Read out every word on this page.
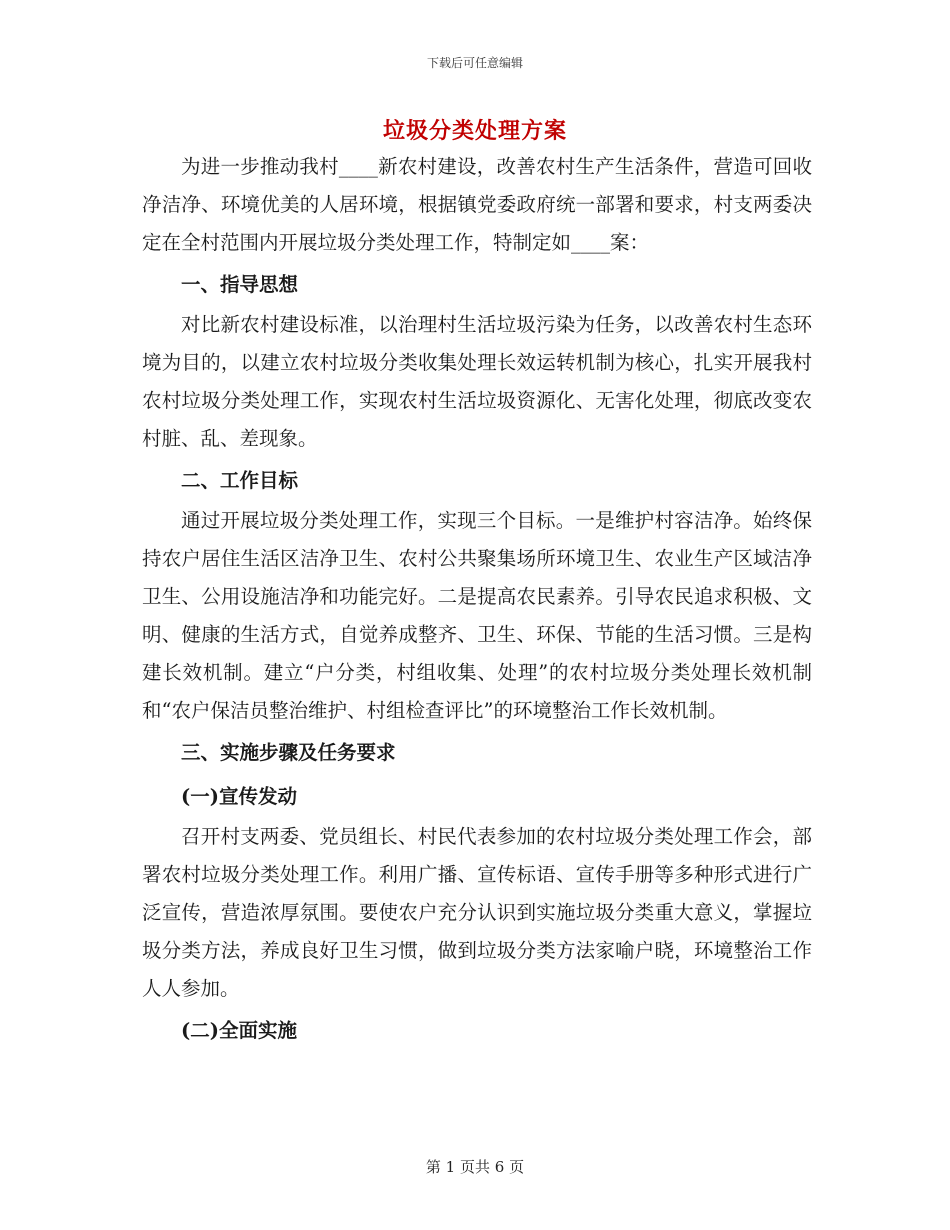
下载后可任意编辑
垃圾分类处理方案

为进一步推动我村____新农村建设，改善农村生产生活条件，营造可回收净洁净、环境优美的人居环境，根据镇党委政府统一部署和要求，村支两委决定在全村范围内开展垃圾分类处理工作，特制定如____案：

一、指导思想

对比新农村建设标准，以治理村生活垃圾污染为任务，以改善农村生态环境为目的，以建立农村垃圾分类收集处理长效运转机制为核心，扎实开展我村农村垃圾分类处理工作，实现农村生活垃圾资源化、无害化处理，彻底改变农村脏、乱、差现象。

二、工作目标

通过开展垃圾分类处理工作，实现三个目标。一是维护村容洁净。始终保持农户居住生活区洁净卫生、农村公共聚集场所环境卫生、农业生产区域洁净卫生、公用设施洁净和功能完好。二是提高农民素养。引导农民追求积极、文明、健康的生活方式，自觉养成整齐、卫生、环保、节能的生活习惯。三是构建长效机制。建立“户分类，村组收集、处理”的农村垃圾分类处理长效机制和“农户保洁员整治维护、村组检查评比”的环境整治工作长效机制。

三、实施步骤及任务要求
(一)宣传发动

召开村支两委、党员组长、村民代表参加的农村垃圾分类处理工作会，部署农村垃圾分类处理工作。利用广播、宣传标语、宣传手册等多种形式进行广泛宣传，营造浓厚氛围。要使农户充分认识到实施垃圾分类重大意义，掌握垃圾分类方法，养成良好卫生习惯，做到垃圾分类方法家喻户晓，环境整治工作人人参加。

(二)全面实施
第 1 页共 6 页
